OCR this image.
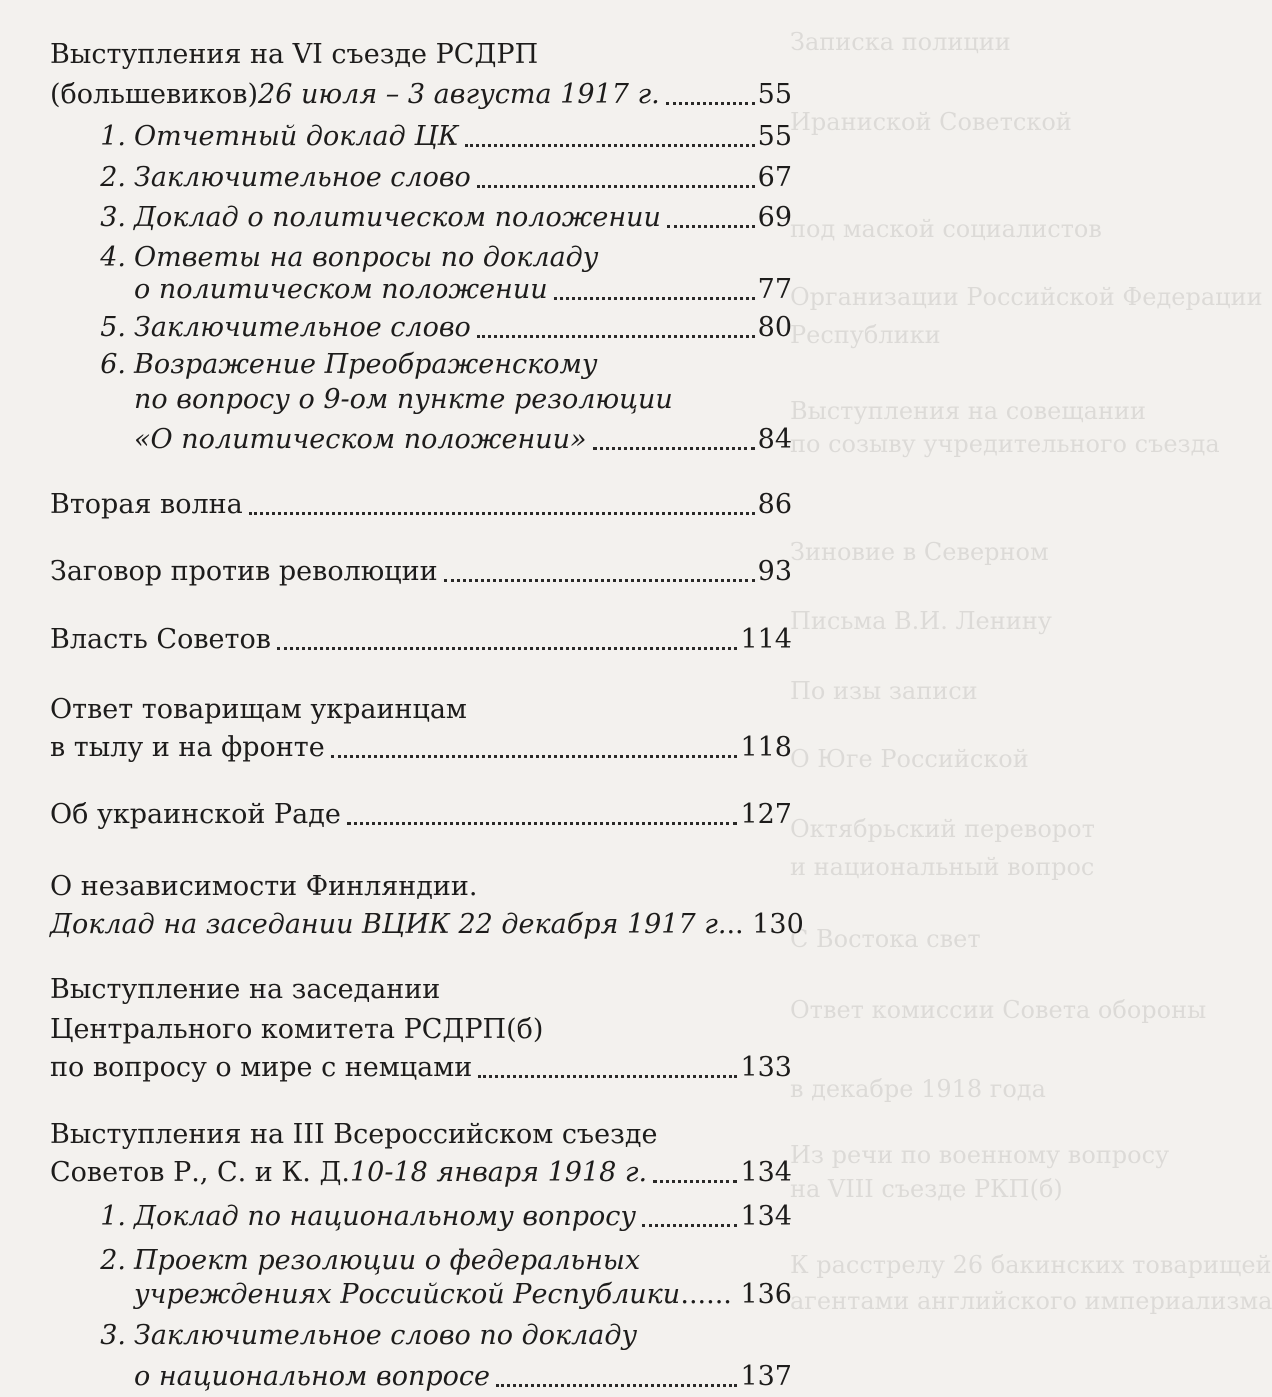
Записка полиции
Ираниской Советской
под маской социалистов
Организации Российской Федерации
Республики
Выступления на совещании
по созыву учредительного съезда
Зиновие в Северном
Письма В.И. Ленину
По изы записи
О Юге Российской
Октябрьский переворот
и национальный вопрос
С Востока свет
Ответ комиссии Совета обороны
в декабре 1918 года
Из речи по военному вопросу
на VIII съезде РКП(б)
К расстрелу 26 бакинских товарищей
агентами английского империализма
Выступления на VI съезде РСДРП
(большевиков) 26 июля – 3 августа 1917 г.	55
1. Отчетный доклад ЦК	55
2. Заключительное слово	67
3. Доклад о политическом положении	69
4. Ответы на вопросы по докладу
о политическом положении	77
5. Заключительное слово	80
6. Возражение Преображенскому
по вопросу о 9-ом пункте резолюции
«О политическом положении»	84
Вторая волна	86
Заговор против революции	93
Власть Советов	114
Ответ товарищам украинцам
в тылу и на фронте	118
Об украинской Раде	127
О независимости Финляндии.
Доклад на заседании ВЦИК 22 декабря 1917 г. .. 130
Выступление на заседании
Центрального комитета РСДРП(б)
по вопросу о мире с немцами	133
Выступления на III Всероссийском съезде
Советов Р., С. и К. Д. 10-18 января 1918 г.	134
1. Доклад по национальному вопросу	134
2. Проект резолюции о федеральных
учреждениях Российской Республики ...... 136
3. Заключительное слово по докладу
о национальном вопросе	137
